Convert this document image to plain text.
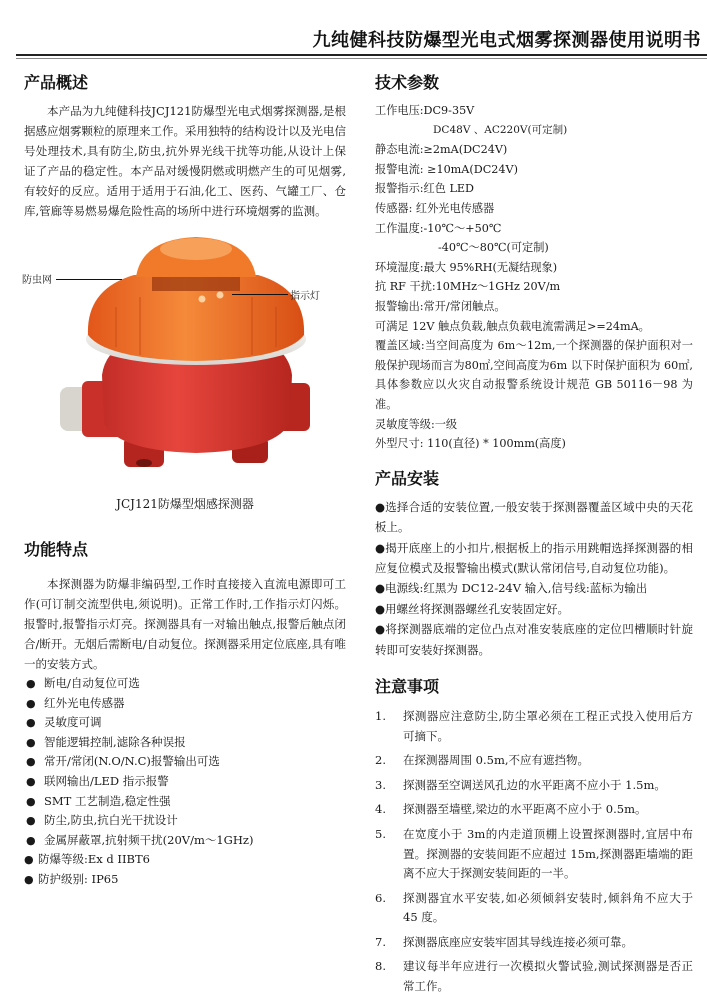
九纯健科技防爆型光电式烟雾探测器使用说明书
产品概述

本产品为九纯健科技JCJ121防爆型光电式烟雾探测器,是根据感应烟雾颗粒的原理来工作。采用独特的结构设计以及光电信号处理技术,具有防尘,防虫,抗外界光线干扰等功能,从设计上保证了产品的稳定性。本产品对缓慢阴燃或明燃产生的可见烟雾,有较好的反应。适用于适用于石油,化工、医药、气罐工厂、仓库,管廊等易燃易爆危险性高的场所中进行环境烟雾的监测。

防虫网
指示灯
JCJ121防爆型烟感探测器
功能特点

本探测器为防爆非编码型,工作时直接接入直流电源即可工作(可订制交流型供电,须说明)。正常工作时,工作指示灯闪烁。报警时,报警指示灯亮。探测器具有一对输出触点,报警后触点闭合/断开。无烟后需断电/自动复位。探测器采用定位底座,具有唯一的安装方式。

● 断电/自动复位可选
● 红外光电传感器
● 灵敏度可调
● 智能逻辑控制,滤除各种误报
● 常开/常闭(N.O/N.C)报警输出可选
● 联网输出/LED 指示报警
● SMT 工艺制造,稳定性强
● 防尘,防虫,抗白光干扰设计
● 金属屏蔽罩,抗射频干扰(20V/m～1GHz)
● 防爆等级:Ex d IIBT6
● 防护级别: IP65
技术参数
工作电压:DC9-35V
DC48V 、AC220V(可定制)
静态电流:≥2mA(DC24V)
报警电流: ≥10mA(DC24V)
报警指示:红色 LED
传感器: 红外光电传感器
工作温度:-10℃～+50℃
-40℃～80℃(可定制)
环境湿度:最大 95%RH(无凝结现象)
抗 RF 干扰:10MHz～1GHz 20V/m
报警输出:常开/常闭触点。
可满足 12V 触点负载,触点负载电流需满足>=24mA。
覆盖区域:当空间高度为 6m～12m,一个探测器的保护面积对一般保护现场而言为80㎡,空间高度为6m 以下时保护面积为 60㎡,具体参数应以火灾自动报警系统设计规范 GB 50116－98 为准。
灵敏度等级:一级
外型尺寸: 110(直径) * 100mm(高度)
产品安装

●选择合适的安装位置,一般安装于探测器覆盖区域中央的天花板上。

●揭开底座上的小扣片,根据板上的指示用跳帽选择探测器的相应复位模式及报警输出模式(默认常闭信号,自动复位功能)。

●电源线:红黑为 DC12-24V 输入,信号线:蓝标为输出

●用螺丝将探测器螺丝孔安装固定好。

●将探测器底端的定位凸点对准安装底座的定位凹槽顺时针旋转即可安装好探测器。

注意事项
1. 探测器应注意防尘,防尘罩必须在工程正式投入使用后方可摘下。
2. 在探测器周围 0.5m,不应有遮挡物。
3. 探测器至空调送风孔边的水平距离不应小于 1.5m。
4. 探测器至墙壁,梁边的水平距离不应小于 0.5m。
5. 在宽度小于 3m的内走道顶棚上设置探测器时,宜居中布置。探测器的安装间距不应超过 15m,探测器距墙端的距离不应大于探测安装间距的一半。
6. 探测器宜水平安装,如必须倾斜安装时,倾斜角不应大于 45 度。
7. 探测器底座应安装牢固其导线连接必须可靠。
8. 建议每半年应进行一次模拟火警试验,测试探测器是否正常工作。
